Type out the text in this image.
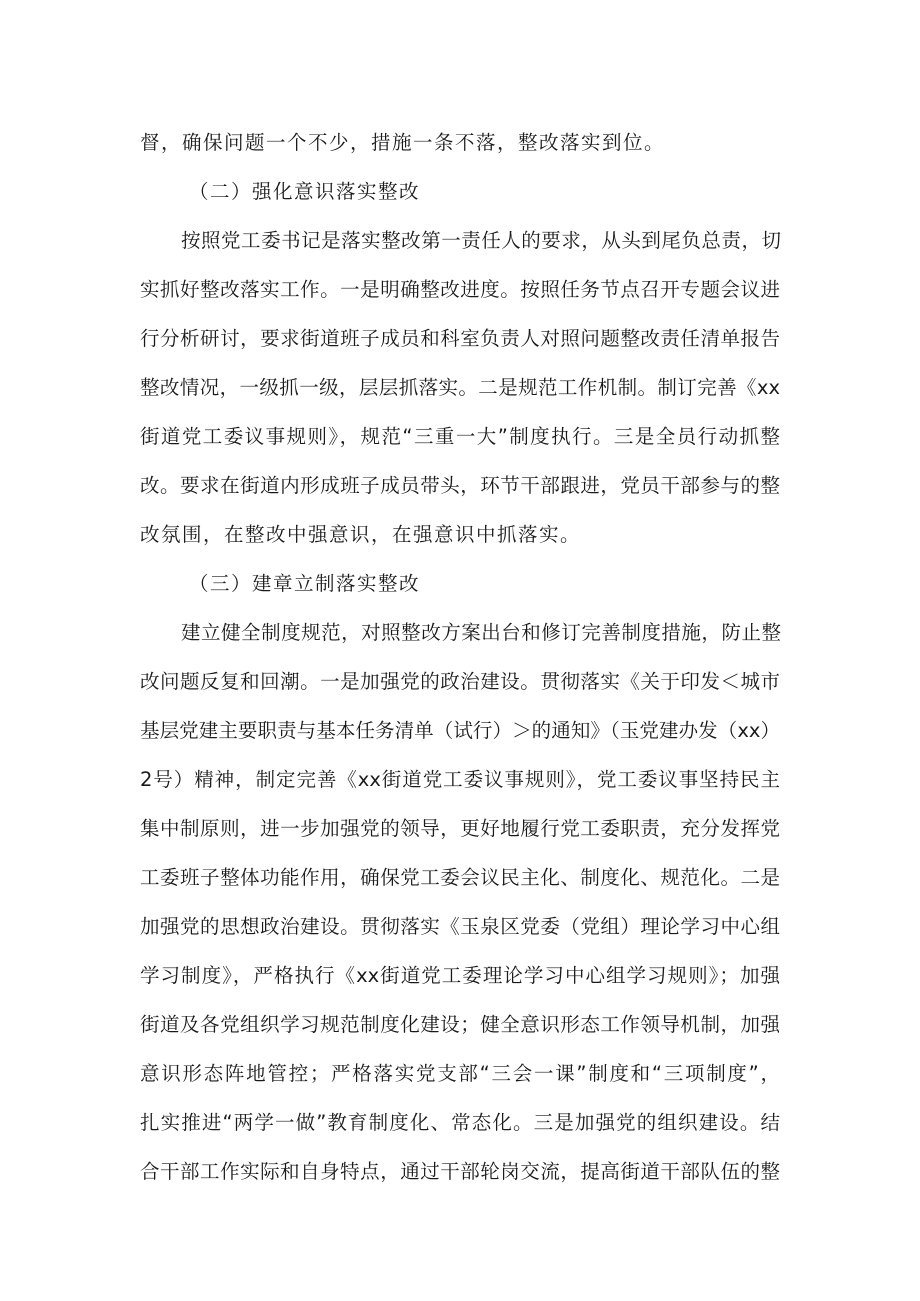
督，确保问题一个不少，措施一条不落，整改落实到位。
（二）强化意识落实整改
按照党工委书记是落实整改第一责任人的要求，从头到尾负总责，切
实抓好整改落实工作。一是明确整改进度。按照任务节点召开专题会议进
行分析研讨，要求街道班子成员和科室负责人对照问题整改责任清单报告
整改情况，一级抓一级，层层抓落实。二是规范工作机制。制订完善《xx
街道党工委议事规则》，规范“三重一大”制度执行。三是全员行动抓整
改。要求在街道内形成班子成员带头，环节干部跟进，党员干部参与的整
改氛围，在整改中强意识，在强意识中抓落实。
（三）建章立制落实整改
建立健全制度规范，对照整改方案出台和修订完善制度措施，防止整
改问题反复和回潮。一是加强党的政治建设。贯彻落实《关于印发＜城市
基层党建主要职责与基本任务清单（试行）＞的通知》（玉党建办发（xx）
2号）精神，制定完善《xx街道党工委议事规则》，党工委议事坚持民主
集中制原则，进一步加强党的领导，更好地履行党工委职责，充分发挥党
工委班子整体功能作用，确保党工委会议民主化、制度化、规范化。二是
加强党的思想政治建设。贯彻落实《玉泉区党委（党组）理论学习中心组
学习制度》，严格执行《xx街道党工委理论学习中心组学习规则》；加强
街道及各党组织学习规范制度化建设；健全意识形态工作领导机制，加强
意识形态阵地管控；严格落实党支部“三会一课”制度和“三项制度”，
扎实推进“两学一做”教育制度化、常态化。三是加强党的组织建设。结
合干部工作实际和自身特点，通过干部轮岗交流，提高街道干部队伍的整
